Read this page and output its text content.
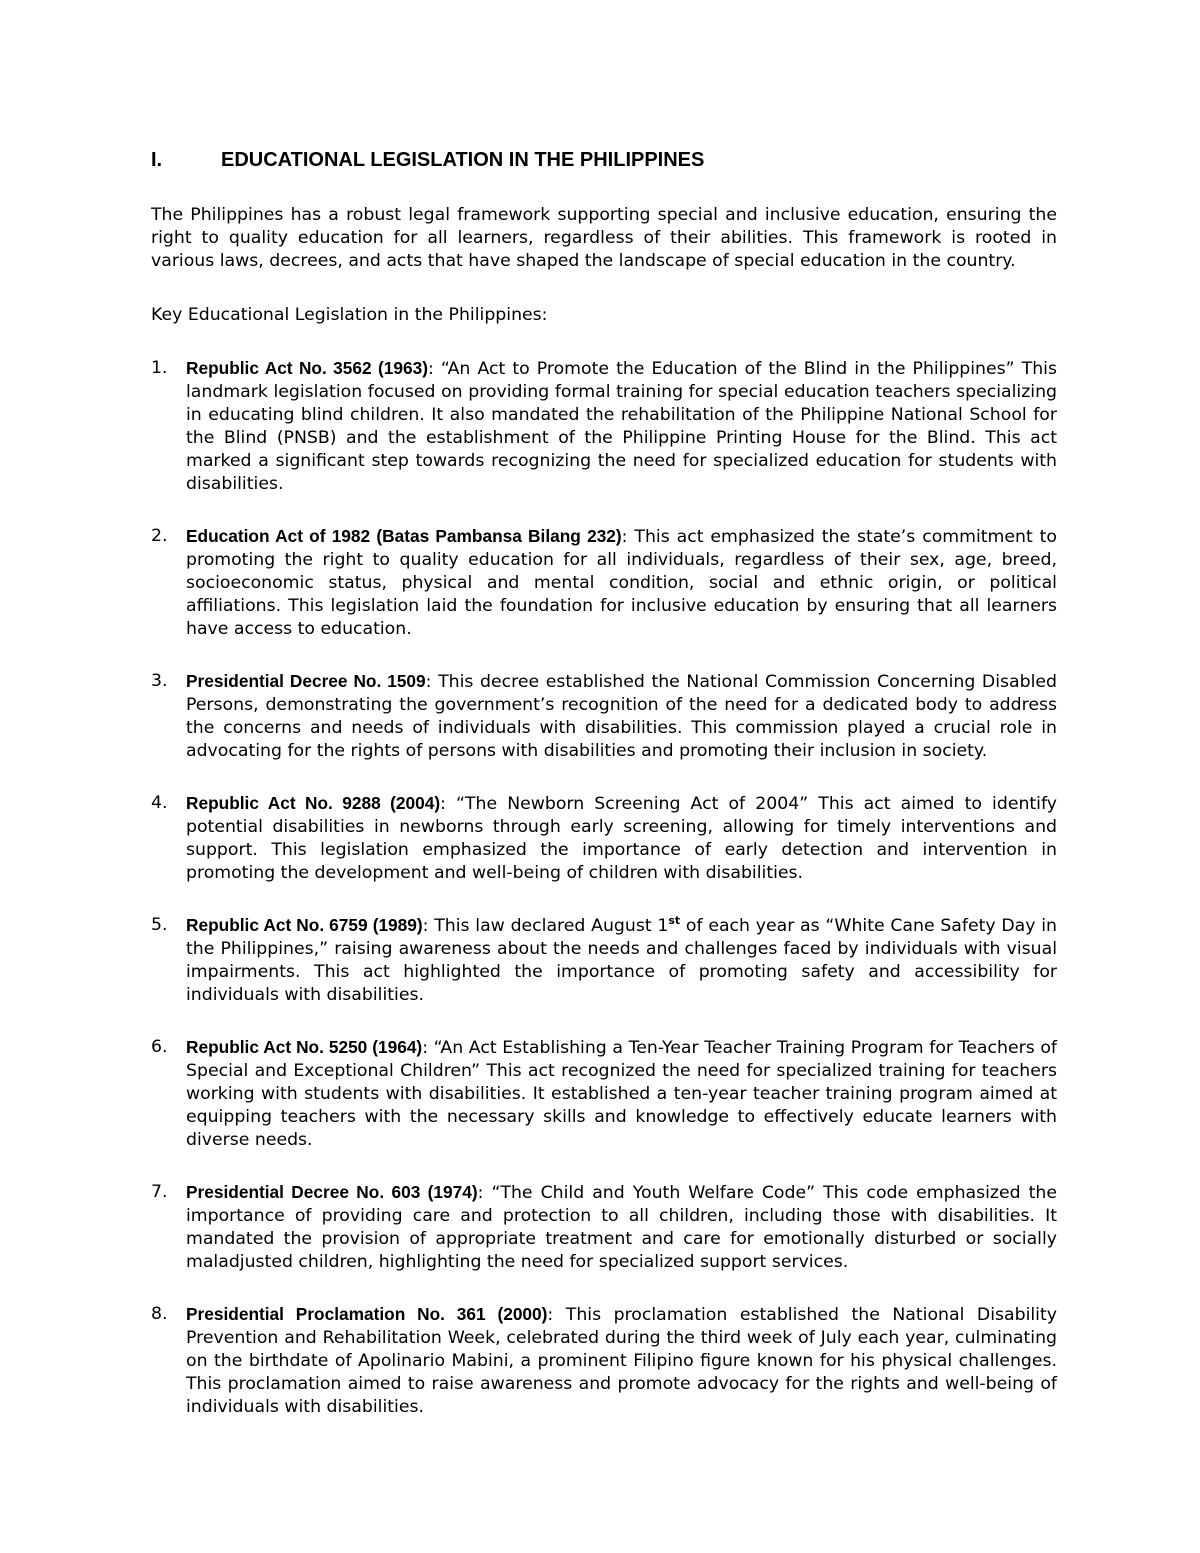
I.	EDUCATIONAL LEGISLATION IN THE PHILIPPINES

The Philippines has a robust legal framework supporting special and inclusive education, ensuring the right to quality education for all learners, regardless of their abilities. This framework is rooted in various laws, decrees, and acts that have shaped the landscape of special education in the country.

Key Educational Legislation in the Philippines:

1.	Republic Act No. 3562 (1963): “An Act to Promote the Education of the Blind in the Philippines” This landmark legislation focused on providing formal training for special education teachers specializing in educating blind children. It also mandated the rehabilitation of the Philippine National School for the Blind (PNSB) and the establishment of the Philippine Printing House for the Blind. This act marked a significant step towards recognizing the need for specialized education for students with disabilities.
2.	Education Act of 1982 (Batas Pambansa Bilang 232): This act emphasized the state’s commitment to promoting the right to quality education for all individuals, regardless of their sex, age, breed, socioeconomic status, physical and mental condition, social and ethnic origin, or political affiliations. This legislation laid the foundation for inclusive education by ensuring that all learners have access to education.
3.	Presidential Decree No. 1509: This decree established the National Commission Concerning Disabled Persons, demonstrating the government’s recognition of the need for a dedicated body to address the concerns and needs of individuals with disabilities. This commission played a crucial role in advocating for the rights of persons with disabilities and promoting their inclusion in society.
4.	Republic Act No. 9288 (2004): “The Newborn Screening Act of 2004” This act aimed to identify potential disabilities in newborns through early screening, allowing for timely interventions and support. This legislation emphasized the importance of early detection and intervention in promoting the development and well-being of children with disabilities.
5.	Republic Act No. 6759 (1989): This law declared August 1st of each year as “White Cane Safety Day in the Philippines,” raising awareness about the needs and challenges faced by individuals with visual impairments. This act highlighted the importance of promoting safety and accessibility for individuals with disabilities.
6.	Republic Act No. 5250 (1964): “An Act Establishing a Ten-Year Teacher Training Program for Teachers of Special and Exceptional Children” This act recognized the need for specialized training for teachers working with students with disabilities. It established a ten-year teacher training program aimed at equipping teachers with the necessary skills and knowledge to effectively educate learners with diverse needs.
7.	Presidential Decree No. 603 (1974): “The Child and Youth Welfare Code” This code emphasized the importance of providing care and protection to all children, including those with disabilities. It mandated the provision of appropriate treatment and care for emotionally disturbed or socially maladjusted children, highlighting the need for specialized support services.
8.	Presidential Proclamation No. 361 (2000): This proclamation established the National Disability Prevention and Rehabilitation Week, celebrated during the third week of July each year, culminating on the birthdate of Apolinario Mabini, a prominent Filipino figure known for his physical challenges. This proclamation aimed to raise awareness and promote advocacy for the rights and well-being of individuals with disabilities.
